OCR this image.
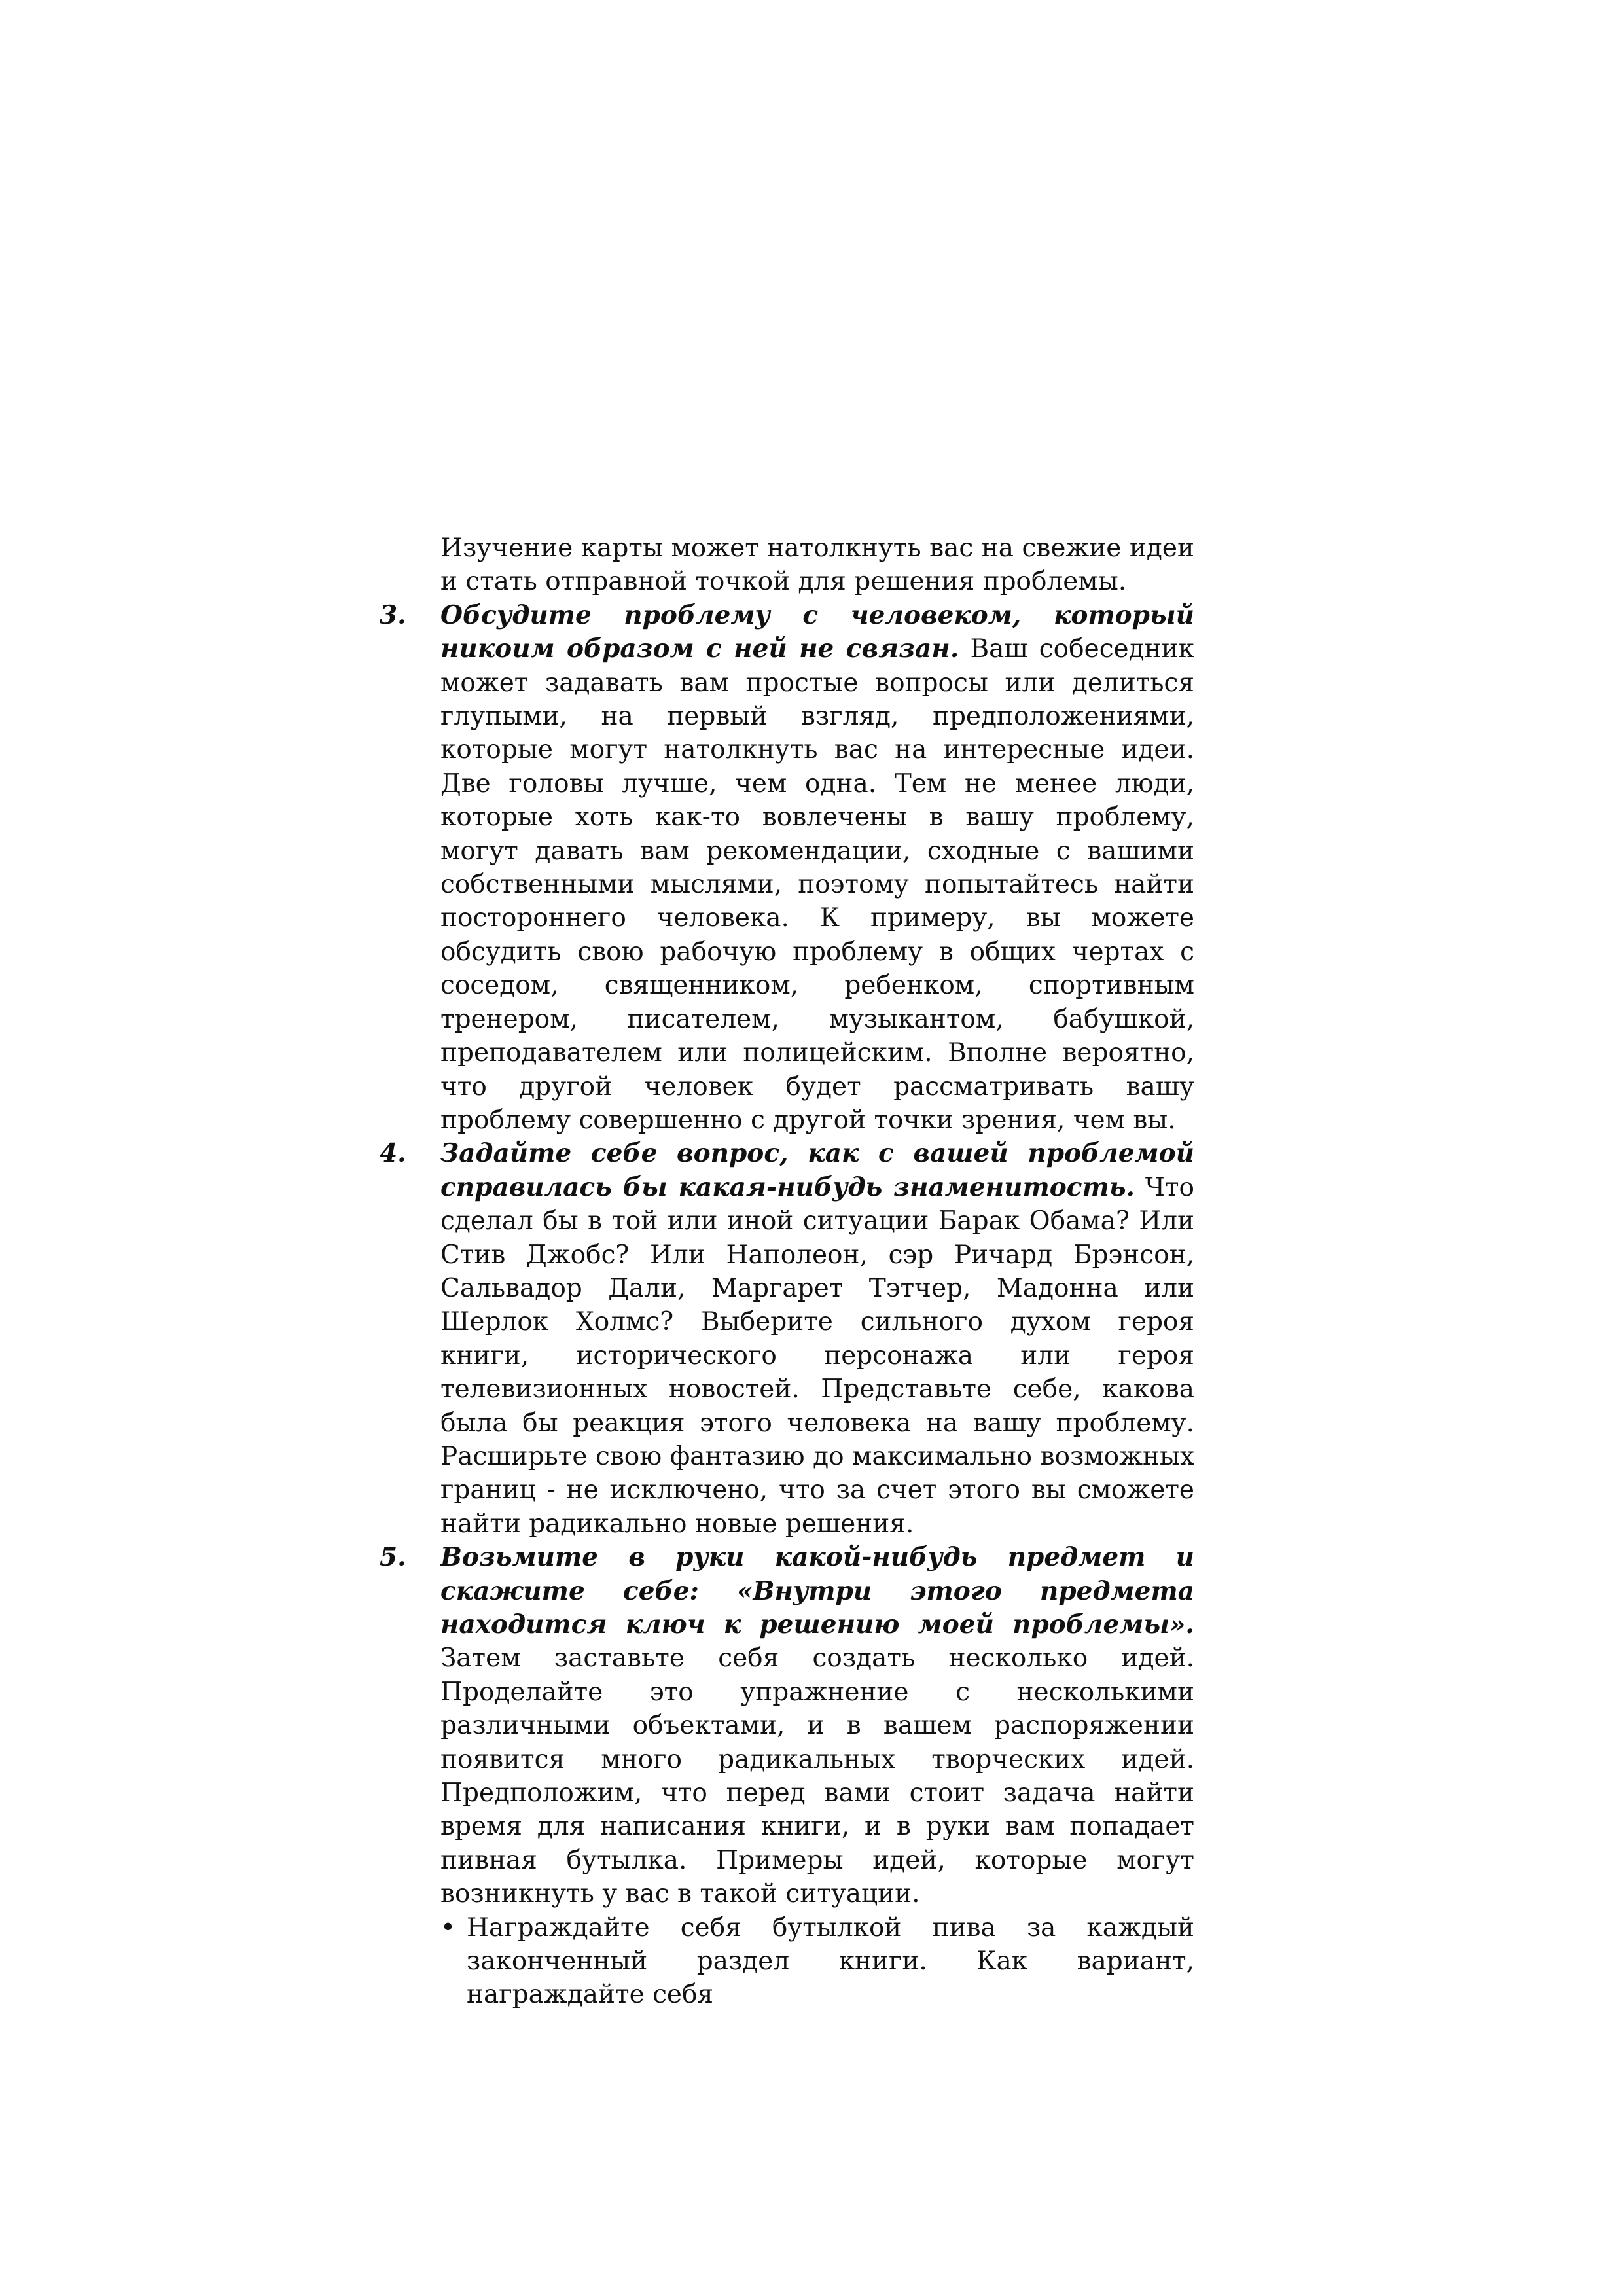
Изучение карты может натолкнуть вас на свежие идеи и стать отправной точкой для решения проблемы.

3. Обсудите проблему с человеком, который никоим образом с ней не связан. Ваш собеседник может задавать вам простые вопросы или делиться глупыми, на первый взгляд, предположениями, которые могут натолкнуть вас на интересные идеи. Две головы лучше, чем одна. Тем не менее люди, которые хоть как-то вовлечены в вашу проблему, могут давать вам рекомендации, сходные с вашими собственными мыслями, поэтому попытайтесь найти постороннего человека. К примеру, вы можете обсудить свою рабочую проблему в общих чертах с соседом, священником, ребенком, спортивным тренером, писателем, музыкантом, бабушкой, преподавателем или полицейским. Вполне вероятно, что другой человек будет рассматривать вашу проблему совершенно с другой точки зрения, чем вы.
4. Задайте себе вопрос, как с вашей проблемой справилась бы какая-нибудь знаменитость. Что сделал бы в той или иной ситуации Барак Обама? Или Стив Джобс? Или Наполеон, сэр Ричард Брэнсон, Сальвадор Дали, Маргарет Тэтчер, Мадонна или Шерлок Холмс? Выберите сильного духом героя книги, исторического персонажа или героя телевизионных новостей. Представьте себе, какова была бы реакция этого человека на вашу проблему. Расширьте свою фантазию до максимально возможных границ - не исключено, что за счет этого вы сможете найти радикально новые решения.
5. Возьмите в руки какой-нибудь предмет и скажите себе: «Внутри этого предмета находится ключ к решению моей проблемы». Затем заставьте себя создать несколько идей. Проделайте это упражнение с несколькими различными объектами, и в вашем распоряжении появится много радикальных творческих идей. Предположим, что перед вами стоит задача найти время для написания книги, и в руки вам попадает пивная бутылка. Примеры идей, которые могут возникнуть у вас в такой ситуации.
• Награждайте себя бутылкой пива за каждый законченный раздел книги. Как вариант, награждайте себя
